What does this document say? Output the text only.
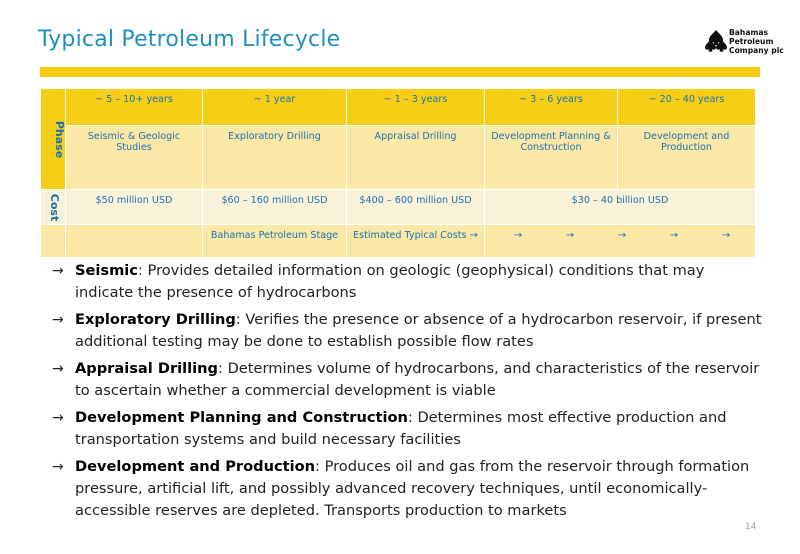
Typical Petroleum Lifecycle	Bahamas
Petroleum
Company plc
Phase	~ 5 – 10+ years	~ 1 year	~ 1 – 3 years	~ 3 – 6 years	~ 20 – 40 years
	Seismic & Geologic Studies	Exploratory Drilling	Appraisal Drilling	Development Planning & Construction	Development and Production
Cost	$50 million USD	$60 – 160 million USD	$400 – 600 million USD	$30 – 40 billion USD	
		Bahamas Petroleum Stage	Estimated Typical Costs →	→ → → → →	
→ Seismic: Provides detailed information on geologic (geophysical) conditions that may indicate the presence of hydrocarbons
→ Exploratory Drilling: Verifies the presence or absence of a hydrocarbon reservoir, if present additional testing may be done to establish possible flow rates
→ Appraisal Drilling: Determines volume of hydrocarbons, and characteristics of the reservoir to ascertain whether a commercial development is viable
→ Development Planning and Construction: Determines most effective production and transportation systems and build necessary facilities
→ Development and Production: Produces oil and gas from the reservoir through formation pressure, artificial lift, and possibly advanced recovery techniques, until economically-accessible reserves are depleted. Transports production to markets
14
